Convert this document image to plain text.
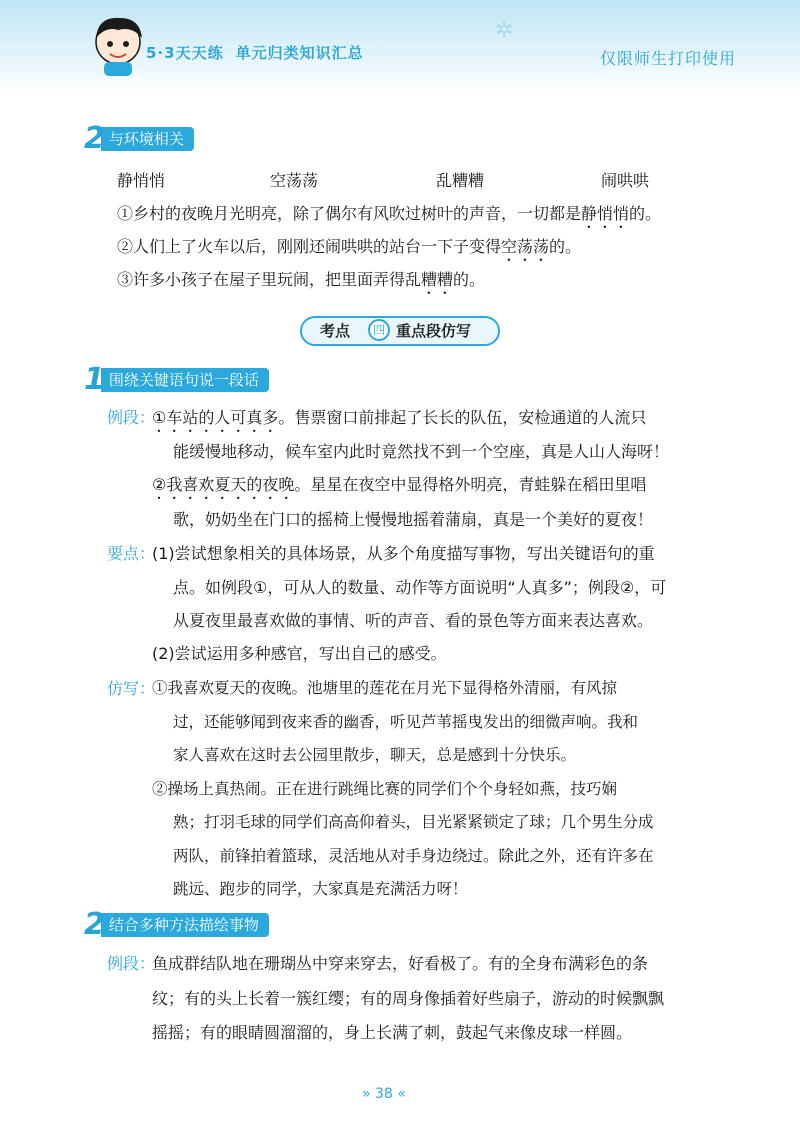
5·3天天练 单元归类知识汇总
✲
仅限师生打印使用
2 与环境相关
静悄悄	空荡荡	乱糟糟	闹哄哄
①乡村的夜晚月光明亮，除了偶尔有风吹过树叶的声音，一切都是静悄悄的。
②人们上了火车以后，刚刚还闹哄哄的站台一下子变得空荡荡的。
③许多小孩子在屋子里玩闹，把里面弄得乱糟糟的。
考点	四 重点段仿写
1 围绕关键语句说一段话
例段：
①车站的人可真多。售票窗口前排起了长长的队伍，安检通道的人流只
能缓慢地移动，候车室内此时竟然找不到一个空座，真是人山人海呀！
②我喜欢夏天的夜晚。星星在夜空中显得格外明亮，青蛙躲在稻田里唱
歌，奶奶坐在门口的摇椅上慢慢地摇着蒲扇，真是一个美好的夏夜！
要点：
(1)尝试想象相关的具体场景，从多个角度描写事物，写出关键语句的重
点。如例段①，可从人的数量、动作等方面说明“人真多”；例段②，可
从夏夜里最喜欢做的事情、听的声音、看的景色等方面来表达喜欢。
(2)尝试运用多种感官，写出自己的感受。
仿写：
①我喜欢夏天的夜晚。池塘里的莲花在月光下显得格外清丽，有风掠
过，还能够闻到夜来香的幽香，听见芦苇摇曳发出的细微声响。我和
家人喜欢在这时去公园里散步，聊天，总是感到十分快乐。
②操场上真热闹。正在进行跳绳比赛的同学们个个身轻如燕，技巧娴
熟；打羽毛球的同学们高高仰着头，目光紧紧锁定了球；几个男生分成
两队，前锋拍着篮球，灵活地从对手身边绕过。除此之外，还有许多在
跳远、跑步的同学，大家真是充满活力呀！
2 结合多种方法描绘事物
例段：
鱼成群结队地在珊瑚丛中穿来穿去，好看极了。有的全身布满彩色的条
纹；有的头上长着一簇红缨；有的周身像插着好些扇子，游动的时候飘飘
摇摇；有的眼睛圆溜溜的，身上长满了刺，鼓起气来像皮球一样圆。
» 38 «
